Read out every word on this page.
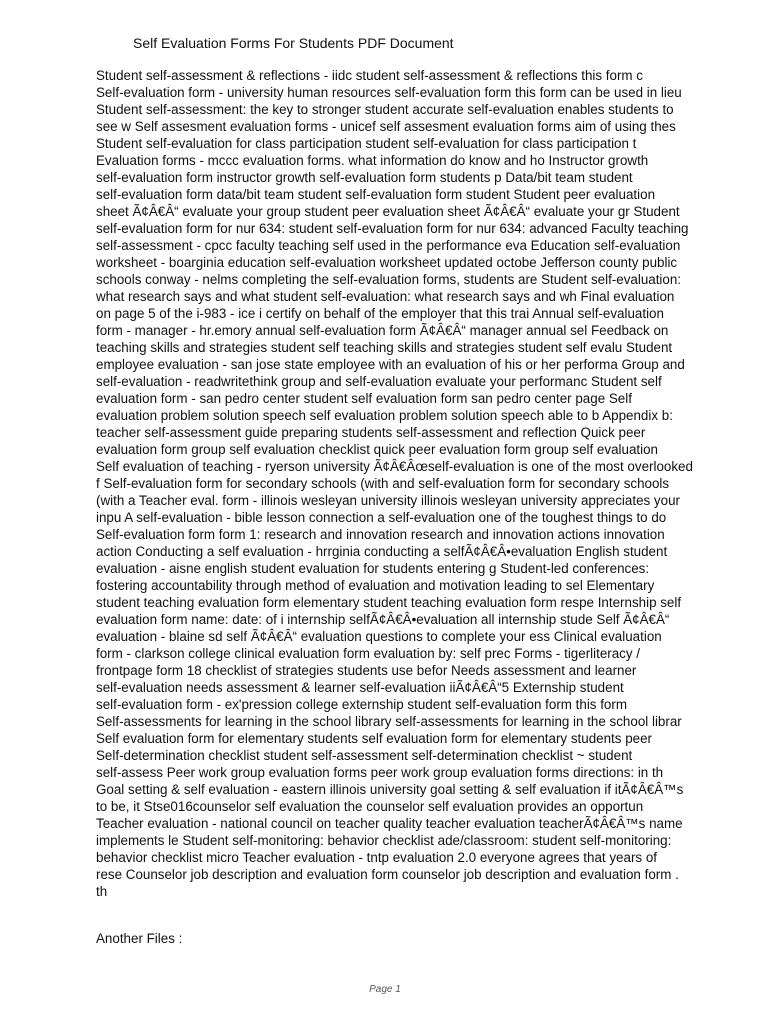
Self Evaluation Forms For Students PDF Document
Student self-assessment & reflections - iidc student self-assessment & reflections this form c
Self-evaluation form - university human resources self-evaluation form this form can be used in lieu
Student self-assessment: the key to stronger student accurate self-evaluation enables students to
see w Self assesment evaluation forms - unicef self assesment evaluation forms aim of using thes
Student self-evaluation for class participation student self-evaluation for class participation t
Evaluation forms - mccc evaluation forms. what information do know and ho Instructor growth
self-evaluation form instructor growth self-evaluation form students p Data/bit team student
self-evaluation form data/bit team student self-evaluation form student Student peer evaluation
sheet Ã¢Â€Â“ evaluate your group student peer evaluation sheet Ã¢Â€Â“ evaluate your gr Student
self-evaluation form for nur 634: student self-evaluation form for nur 634: advanced Faculty teaching
self-assessment - cpcc faculty teaching self used in the performance eva Education self-evaluation
worksheet - boarginia education self-evaluation worksheet updated octobe Jefferson county public
schools conway - nelms completing the self-evaluation forms, students are Student self-evaluation:
what research says and what student self-evaluation: what research says and wh Final evaluation
on page 5 of the i-983 - ice i certify on behalf of the employer that this trai Annual self-evaluation
form - manager - hr.emory annual self-evaluation form Ã¢Â€Â“ manager annual sel Feedback on
teaching skills and strategies student self teaching skills and strategies student self evalu Student
employee evaluation - san jose state employee with an evaluation of his or her performa Group and
self-evaluation - readwritethink group and self-evaluation evaluate your performanc Student self
evaluation form - san pedro center student self evaluation form san pedro center page Self
evaluation problem solution speech self evaluation problem solution speech able to b Appendix b:
teacher self-assessment guide preparing students self-assessment and reflection Quick peer
evaluation form group self evaluation checklist quick peer evaluation form group self evaluation
Self evaluation of teaching - ryerson university Ã¢Â€Âœself-evaluation is one of the most overlooked
f Self-evaluation form for secondary schools (with and self-evaluation form for secondary schools
(with a Teacher eval. form - illinois wesleyan university illinois wesleyan university appreciates your
inpu A self-evaluation - bible lesson connection a self-evaluation one of the toughest things to do
Self-evaluation form form 1: research and innovation research and innovation actions innovation
action Conducting a self evaluation - hrrginia conducting a selfÃ¢Â€Â•evaluation English student
evaluation - aisne english student evaluation for students entering g Student-led conferences:
fostering accountability through method of evaluation and motivation leading to sel Elementary
student teaching evaluation form elementary student teaching evaluation form respe Internship self
evaluation form name: date: of i internship selfÃ¢Â€Â•evaluation all internship stude Self Ã¢Â€Â“
evaluation - blaine sd self Ã¢Â€Â“ evaluation questions to complete your ess Clinical evaluation
form - clarkson college clinical evaluation form evaluation by: self prec Forms - tigerliteracy /
frontpage form 18 checklist of strategies students use befor Needs assessment and learner
self-evaluation needs assessment & learner self-evaluation iiÃ¢Â€Â“5 Externship student
self-evaluation form - ex'pression college externship student self-evaluation form this form
Self-assessments for learning in the school library self-assessments for learning in the school librar
Self evaluation form for elementary students self evaluation form for elementary students peer
Self-determination checklist student self-assessment self-determination checklist ~ student
self-assess Peer work group evaluation forms peer work group evaluation forms directions: in th
Goal setting & self evaluation - eastern illinois university goal setting & self evaluation if itÃ¢Â€Â™s
to be, it Stse016counselor self evaluation the counselor self evaluation provides an opportun
Teacher evaluation - national council on teacher quality teacher evaluation teacherÃ¢Â€Â™s name
implements le Student self-monitoring: behavior checklist ade/classroom: student self-monitoring:
behavior checklist micro Teacher evaluation - tntp evaluation 2.0 everyone agrees that years of
rese Counselor job description and evaluation form counselor job description and evaluation form .
th
Another Files :
Page 1
